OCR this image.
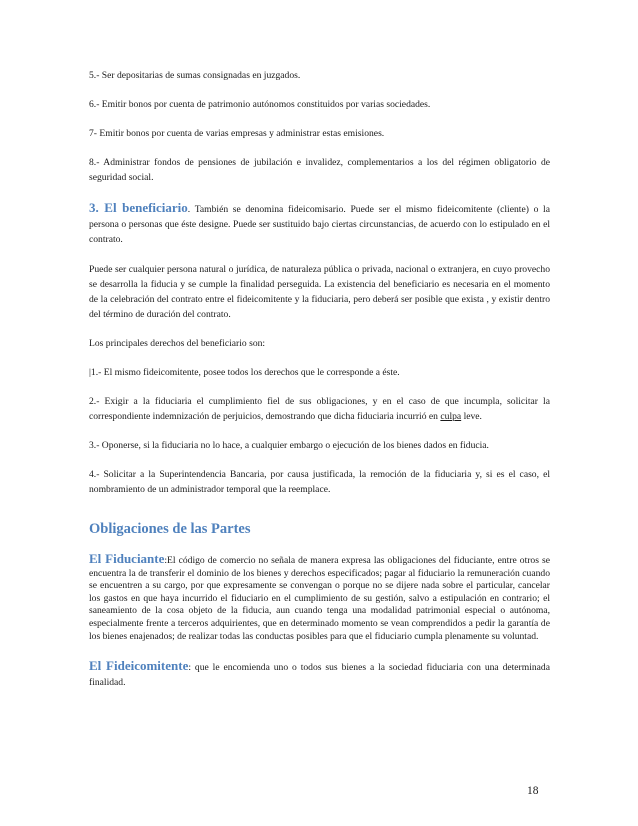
5.- Ser depositarias de sumas consignadas en juzgados.

6.- Emitir bonos por cuenta de patrimonio autónomos constituidos por varias sociedades.

7- Emitir bonos por cuenta de varias empresas y administrar estas emisiones.

8.- Administrar fondos de pensiones de jubilación e invalidez, complementarios a los del régimen obligatorio de seguridad social.

3. El beneficiario. También se denomina fideicomisario. Puede ser el mismo fideicomitente (cliente) o la persona o personas que éste designe. Puede ser sustituido bajo ciertas circunstancias, de acuerdo con lo estipulado en el contrato.

Puede ser cualquier persona natural o jurídica, de naturaleza pública o privada, nacional o extranjera, en cuyo provecho se desarrolla la fiducia y se cumple la finalidad perseguida. La existencia del beneficiario es necesaria en el momento de la celebración del contrato entre el fideicomitente y la fiduciaria, pero deberá ser posible que exista , y existir dentro del término de duración del contrato.

Los principales derechos del beneficiario son:

|1.- El mismo fideicomitente, posee todos los derechos que le corresponde a éste.

2.- Exigir a la fiduciaria el cumplimiento fiel de sus obligaciones, y en el caso de que incumpla, solicitar la correspondiente indemnización de perjuicios, demostrando que dicha fiduciaria incurrió en culpa leve.

3.- Oponerse, si la fiduciaria no lo hace, a cualquier embargo o ejecución de los bienes dados en fiducia.

4.- Solicitar a la Superintendencia Bancaria, por causa justificada, la remoción de la fiduciaria y, si es el caso, el nombramiento de un administrador temporal que la reemplace.

Obligaciones de las Partes

El Fiduciante:El código de comercio no señala de manera expresa las obligaciones del fiduciante, entre otros se encuentra la de transferir el dominio de los bienes y derechos especificados; pagar al fiduciario la remuneración cuando se encuentren a su cargo, por que expresamente se convengan o porque no se dijere nada sobre el particular, cancelar los gastos en que haya incurrido el fiduciario en el cumplimiento de su gestión, salvo a estipulación en contrario; el saneamiento de la cosa objeto de la fiducia, aun cuando tenga una modalidad patrimonial especial o autónoma, especialmente frente a terceros adquirientes, que en determinado momento se vean comprendidos a pedir la garantía de los bienes enajenados; de realizar todas las conductas posibles para que el fiduciario cumpla plenamente su voluntad.

El Fideicomitente: que le encomienda uno o todos sus bienes a la sociedad fiduciaria con una determinada finalidad.

18
